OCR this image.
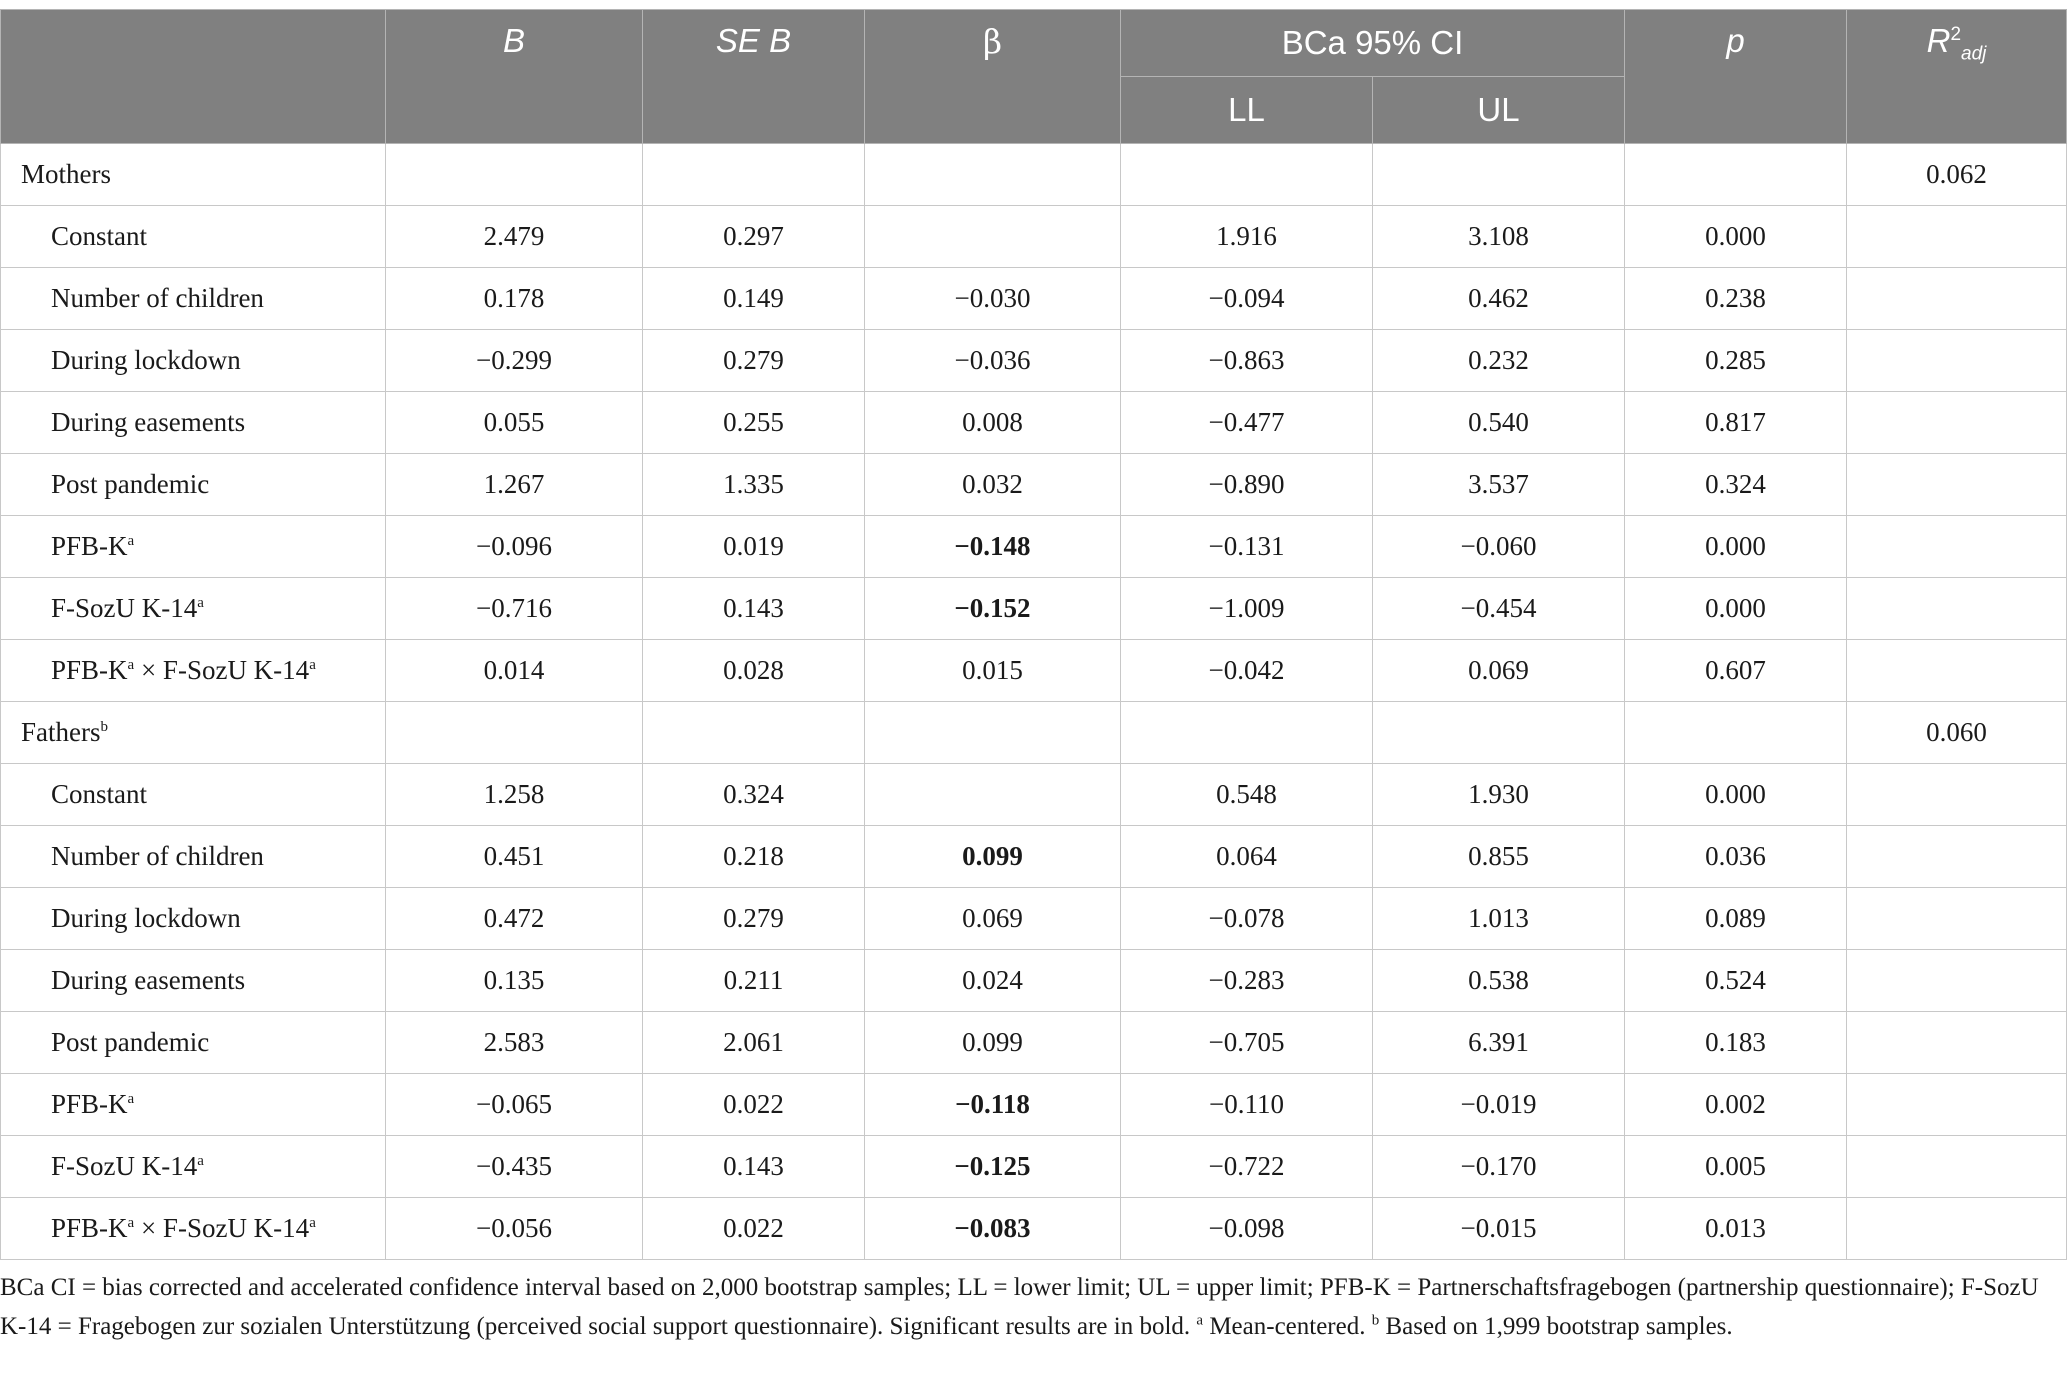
	B	SE B	β	BCa 95% CI		p	$R^2_{adj}$
				LL	UL		
Mothers							0.062
Constant	2.479	0.297		1.916	3.108	0.000	
Number of children	0.178	0.149	−0.030	−0.094	0.462	0.238	
During lockdown	−0.299	0.279	−0.036	−0.863	0.232	0.285	
During easements	0.055	0.255	0.008	−0.477	0.540	0.817	
Post pandemic	1.267	1.335	0.032	−0.890	3.537	0.324	
PFB-$K^a$	−0.096	0.019	−0.148	−0.131	−0.060	0.000	
F-SozU $K-14^a$	−0.716	0.143	−0.152	−1.009	−0.454	0.000	
PFB-$K^a$ × F-SozU K-14$^a$	0.014	0.028	0.015	−0.042	0.069	0.607	
Fathers$^b$							0.060
Constant	1.258	0.324		0.548	1.930	0.000	
Number of children	0.451	0.218	0.099	0.064	0.855	0.036	
During lockdown	0.472	0.279	0.069	−0.078	1.013	0.089	
During easements	0.135	0.211	0.024	−0.283	0.538	0.524	
Post pandemic	2.583	2.061	0.099	−0.705	6.391	0.183	
PFB-$K^a$	−0.065	0.022	−0.118	−0.110	−0.019	0.002	
F-SozU $K-14^a$	−0.435	0.143	−0.125	−0.722	−0.170	0.005	
PFB-$K^a$ × F-SozU $K-14^a$	−0.056	0.022	−0.083	−0.098	−0.015	0.013	
BCa CI = bias corrected and accelerated confidence interval based on 2,000 bootstrap samples; LL = lower limit; UL = upper limit; PFB-K = Partnerschaftsfragebogen (partnership questionnaire); F-SozU K-14 = Fragebogen zur sozialen Unterstützung (perceived social support questionnaire). Significant results are in bold. $^a$ Mean-centered. $^b$ Based on 1,999 bootstrap samples.
